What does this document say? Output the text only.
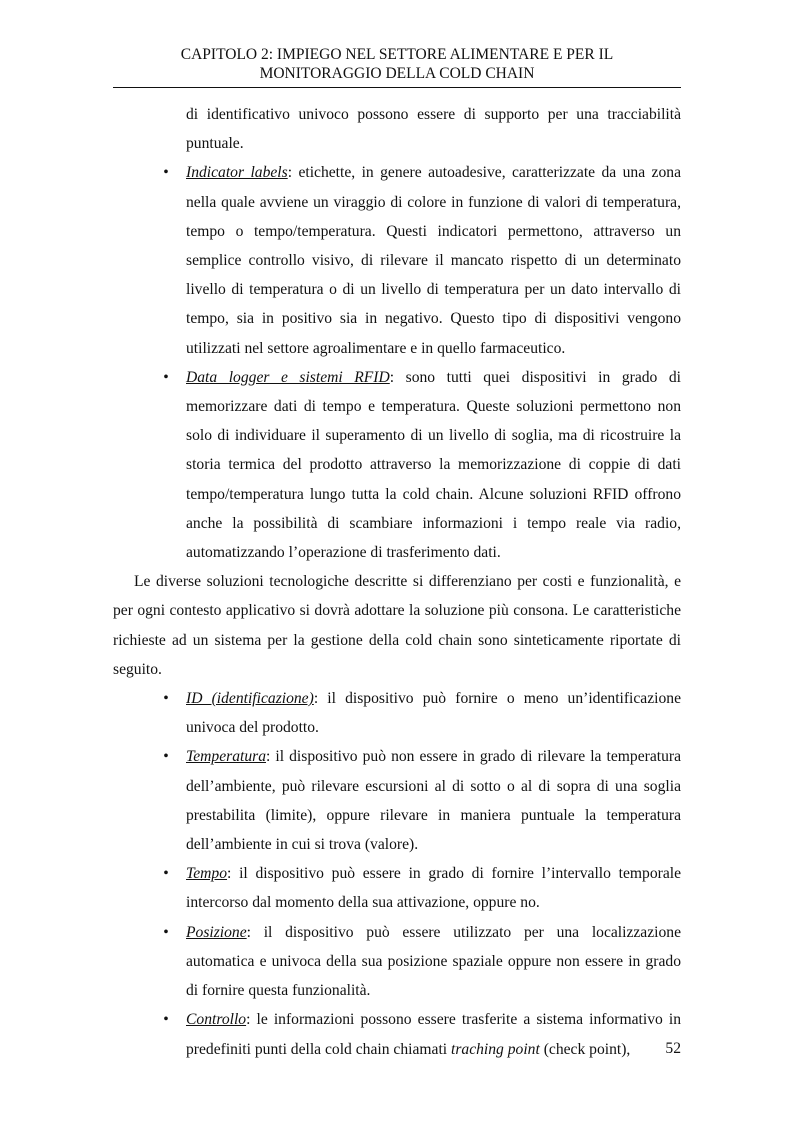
CAPITOLO 2: IMPIEGO NEL SETTORE ALIMENTARE E PER IL
MONITORAGGIO DELLA COLD CHAIN

di identificativo univoco possono essere di supporto per una tracciabilità puntuale.

• Indicator labels: etichette, in genere autoadesive, caratterizzate da una zona nella quale avviene un viraggio di colore in funzione di valori di temperatura, tempo o tempo/temperatura. Questi indicatori permettono, attraverso un semplice controllo visivo, di rilevare il mancato rispetto di un determinato livello di temperatura o di un livello di temperatura per un dato intervallo di tempo, sia in positivo sia in negativo. Questo tipo di dispositivi vengono utilizzati nel settore agroalimentare e in quello farmaceutico.
• Data logger e sistemi RFID: sono tutti quei dispositivi in grado di memorizzare dati di tempo e temperatura. Queste soluzioni permettono non solo di individuare il superamento di un livello di soglia, ma di ricostruire la storia termica del prodotto attraverso la memorizzazione di coppie di dati tempo/temperatura lungo tutta la cold chain. Alcune soluzioni RFID offrono anche la possibilità di scambiare informazioni i tempo reale via radio, automatizzando l’operazione di trasferimento dati.

Le diverse soluzioni tecnologiche descritte si differenziano per costi e funzionalità, e per ogni contesto applicativo si dovrà adottare la soluzione più consona. Le caratteristiche richieste ad un sistema per la gestione della cold chain sono sinteticamente riportate di seguito.

• ID (identificazione): il dispositivo può fornire o meno un’identificazione univoca del prodotto.
• Temperatura: il dispositivo può non essere in grado di rilevare la temperatura dell’ambiente, può rilevare escursioni al di sotto o al di sopra di una soglia prestabilita (limite), oppure rilevare in maniera puntuale la temperatura dell’ambiente in cui si trova (valore).
• Tempo: il dispositivo può essere in grado di fornire l’intervallo temporale intercorso dal momento della sua attivazione, oppure no.
• Posizione: il dispositivo può essere utilizzato per una localizzazione automatica e univoca della sua posizione spaziale oppure non essere in grado di fornire questa funzionalità.
• Controllo: le informazioni possono essere trasferite a sistema informativo in predefiniti punti della cold chain chiamati traching point (check point),	52
